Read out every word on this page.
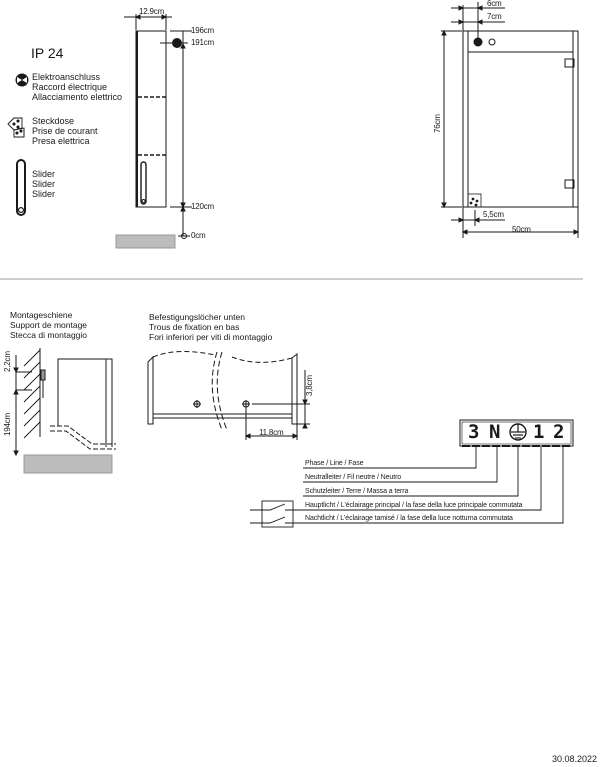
IP 24
Elektroanschluss
Raccord électrique
Allacciamento elettrico
Steckdose
Prise de courant
Presa elettrica
Slider
Slider
Slider
12.9cm
196cm
191cm
120cm
0cm
6cm
7cm
76cm
5,5cm
50cm
Montageschiene
Support de montage
Stecca di montaggio
2,2cm
194cm
Befestigungslöcher unten
Trous de fixation en bas
Fori inferiori per viti di montaggio
3,8cm
11,8cm	3 N 1 2
Phase / Line / Fase
Neutralleiter / Fil neutre / Neutro
Schutzleiter / Terre / Massa a terra
Hauptlicht / L'éclairage principal / la fase della luce principale commutata
Nachtlicht / L'éclairage tamisé / la fase della luce notturna commutata
30.08.2022
